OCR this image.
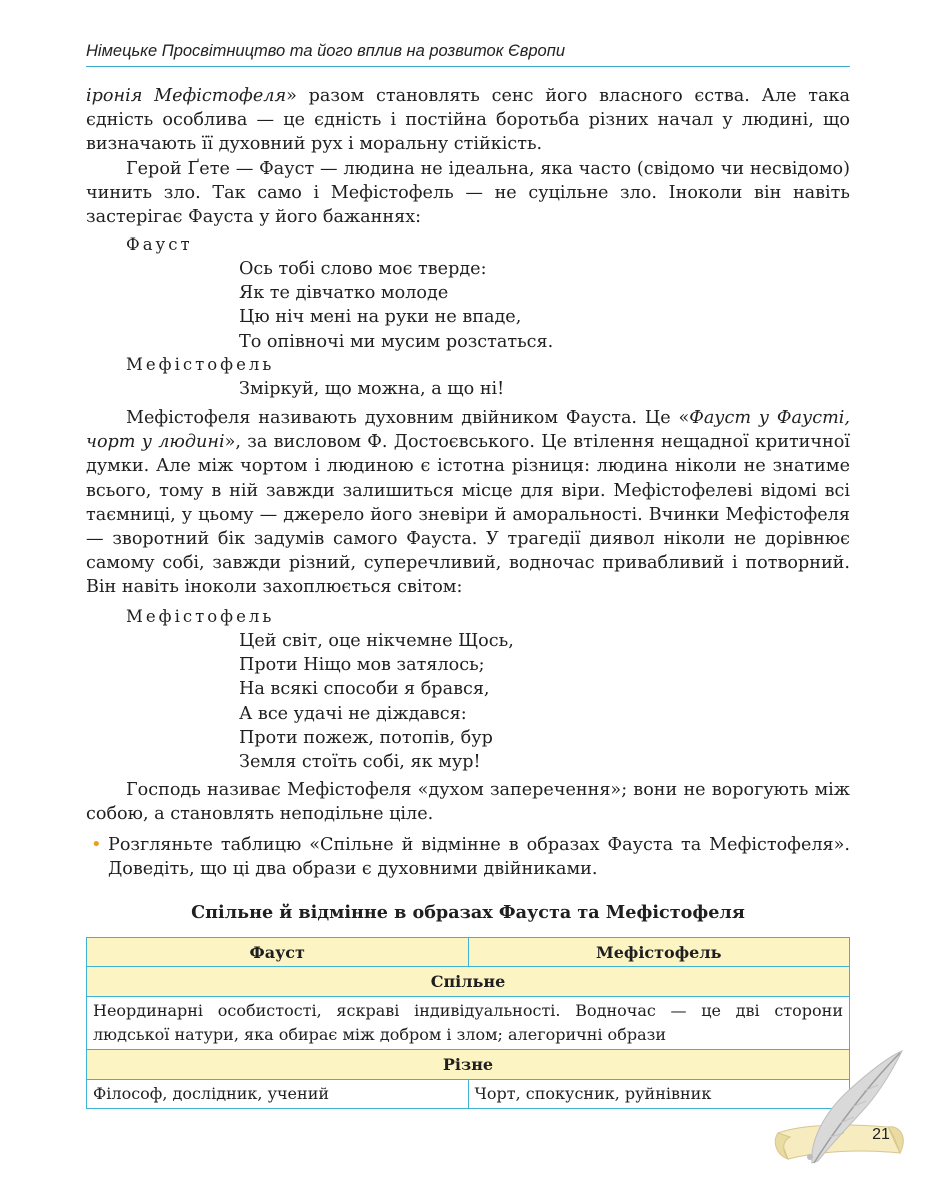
Німецьке Просвітництво та його вплив на розвиток Європи
іронія Мефістофеля» разом становлять сенс його власного єства. Але така єдність особлива — це єдність і постійна боротьба різних начал у людині, що визначають її духовний рух і моральну стійкість.
Герой Ґете — Фауст — людина не ідеальна, яка часто (свідомо чи несвідомо) чинить зло. Так само і Мефістофель — не суцільне зло. Іноколи він навіть застерігає Фауста у його бажаннях:
Фауст
Ось тобі слово моє тверде:
Як те дівчатко молоде
Цю ніч мені на руки не впаде,
То опівночі ми мусим розстаться.
Мефістофель
Зміркуй, що можна, а що ні!
Мефістофеля називають духовним двійником Фауста. Це «Фауст у Фаусті, чорт у людині», за висловом Ф. Достоєвського. Це втілення нещадної критичної думки. Але між чортом і людиною є істотна різниця: людина ніколи не знатиме всього, тому в ній завжди залишиться місце для віри. Мефістофелеві відомі всі таємниці, у цьому — джерело його зневіри й аморальності. Вчинки Мефістофеля — зворотний бік задумів самого Фауста. У трагедії диявол ніколи не дорівнює самому собі, завжди різний, суперечливий, водночас привабливий і потворний. Він навіть іноколи захоплюється світом:
Мефістофель
Цей світ, оце нікчемне Щось,
Проти Ніщо мов затялось;
На всякі способи я брався,
А все удачі не діждався:
Проти пожеж, потопів, бур
Земля стоїть собі, як мур!
Господь називає Мефістофеля «духом заперечення»; вони не ворогують між собою, а становлять неподільне ціле.
• Розгляньте таблицю «Спільне й відмінне в образах Фауста та Мефістофеля». Доведіть, що ці два образи є духовними двійниками.
Спільне й відмінне в образах Фауста та Мефістофеля
Фауст	Мефістофель
Спільне	
Неординарні особистості, яскраві індивідуальності. Водночас — це дві сторони людської натури, яка обирає між добром і злом; алегоричні образи	
Різне	
Філософ, дослідник, учений	Чорт, спокусник, руйнівник
21
